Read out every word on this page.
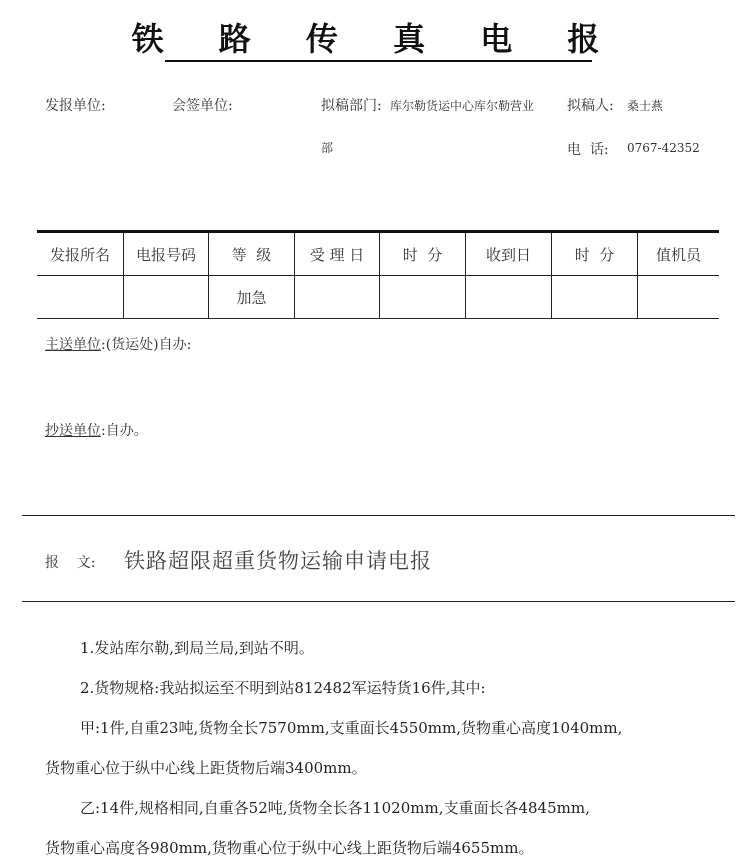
铁 路 传 真 电 报
发报单位:	会签单位:	拟稿部门: 库尔勒货运中心库尔勒营业
部
拟稿人: 桑士燕
电  话: 0767-42352
发报所名	电报号码	等  级	受 理 日	时  分	收到日	时  分	值机员
		加急					
主送单位:(货运处)自办:
抄送单位:自办。
报    文: 铁路超限超重货物运输申请电报
1.发站库尔勒,到局兰局,到站不明。
2.货物规格:我站拟运至不明到站812482军运特货16件,其中:
甲:1件,自重23吨,货物全长7570mm,支重面长4550mm,货物重心高度1040mm,
货物重心位于纵中心线上距货物后端3400mm。
乙:14件,规格相同,自重各52吨,货物全长各11020mm,支重面长各4845mm,
货物重心高度各980mm,货物重心位于纵中心线上距货物后端4655mm。
